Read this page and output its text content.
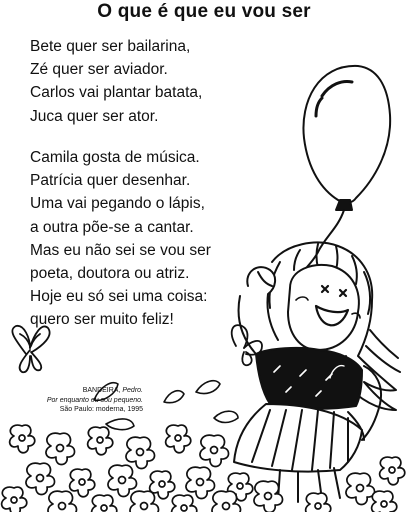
O que é que eu vou ser
Bete quer ser bailarina,
Zé quer ser aviador.
Carlos vai plantar batata,
Juca quer ser ator.
Camila gosta de música.
Patrícia quer desenhar.
Uma vai pegando o lápis,
a outra põe-se a cantar.
Mas eu não sei se vou ser
poeta, doutora ou atriz.
Hoje eu só sei uma coisa:
quero ser muito feliz!
BANDEIRA, Pedro.
Por enquanto eu sou pequeno.
São Paulo: moderna, 1995
